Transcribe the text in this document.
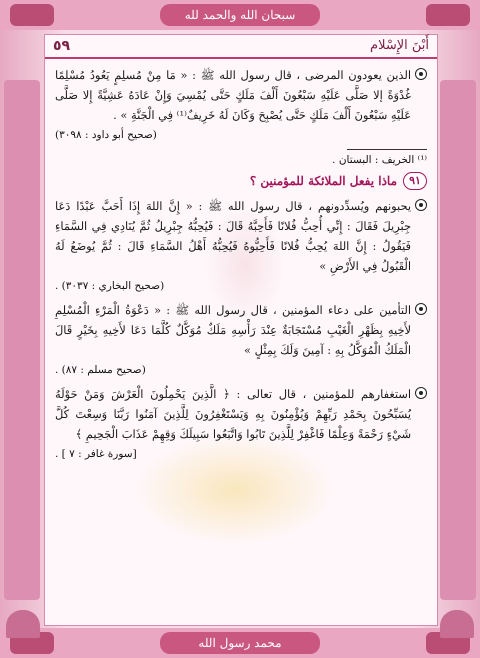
سبحان الله والحمد لله
محمد رسول الله
أَبْنَ الإِسْلام
٥٩

الذين يعودون المرضى ، قال رسول الله ﷺ : « مَا مِنْ مُسلِمٍ يَعُودُ مُسْلِمًا غُدْوَةً إلا صَلَّى عَلَيْهِ سَبْعُونَ أَلْفَ مَلَكٍ حَتَّى يُمْسِيَ وَإِنْ عَادَهُ عَشِيَّةً إِلا صَلَّى عَلَيْهِ سَبْعُونَ أَلْفَ مَلَكٍ حَتَّى يُصْبِحَ وَكَانَ لَهُ خَرِيفٌ⁽¹⁾ فِي الْجَنَّةِ » .

(صحيح أبو داود : ٣٠٩٨)
⁽¹⁾ الخريف : البستان .
٩١
ماذا يفعل الملائكة للمؤمنين ؟

يحبونهم ويُسدِّدونهم ، قال رسول الله ﷺ : « إِنَّ اللهَ إِذَا أَحَبَّ عَبْدًا دَعَا جِبْرِيلَ فَقَالَ : إِنِّي أُحِبُّ فُلانًا فَأَحِبَّهُ قَالَ : فَيُحِبُّهُ جِبْرِيلُ ثُمَّ يُنَادِي فِي السَّمَاءِ فَيَقُولُ : إِنَّ اللهَ يُحِبُّ فُلانًا فَأَحِبُّوهُ فَيُحِبُّهُ أَهْلُ السَّمَاءِ قَالَ : ثُمَّ يُوضَعُ لَهُ الْقَبُولُ فِي الأَرْضِ »

(صحيح البخاري : ٣٠٣٧) .

التأمين على دعاء المؤمنين ، قال رسول الله ﷺ : « دَعْوَةُ الْمَرْءِ الْمُسْلِمِ لأَخِيهِ بِظَهْرِ الْغَيْبِ مُسْتَجَابَةٌ عِنْدَ رَأْسِهِ مَلَكٌ مُوَكَّلٌ كُلَّمَا دَعَا لأَخِيهِ بِخَيْرٍ قَالَ الْمَلَكُ الْمُوَكَّلُ بِهِ : آمِينَ وَلَكَ بِمِثْلٍ »

(صحيح مسلم : ٨٧) .

استغفارهم للمؤمنين ، قال تعالى : ﴿ الَّذِينَ يَحْمِلُونَ الْعَرْشَ وَمَنْ حَوْلَهُ يُسَبِّحُونَ بِحَمْدِ رَبِّهِمْ وَيُؤْمِنُونَ بِهِ وَيَسْتَغْفِرُونَ لِلَّذِينَ آمَنُوا رَبَّنَا وَسِعْتَ كُلَّ شَيْءٍ رَحْمَةً وَعِلْمًا فَاغْفِرْ لِلَّذِينَ تَابُوا وَاتَّبَعُوا سَبِيلَكَ وَقِهِمْ عَذَابَ الْجَحِيمِ ﴾

[سورة غافر : ٧ ] .
